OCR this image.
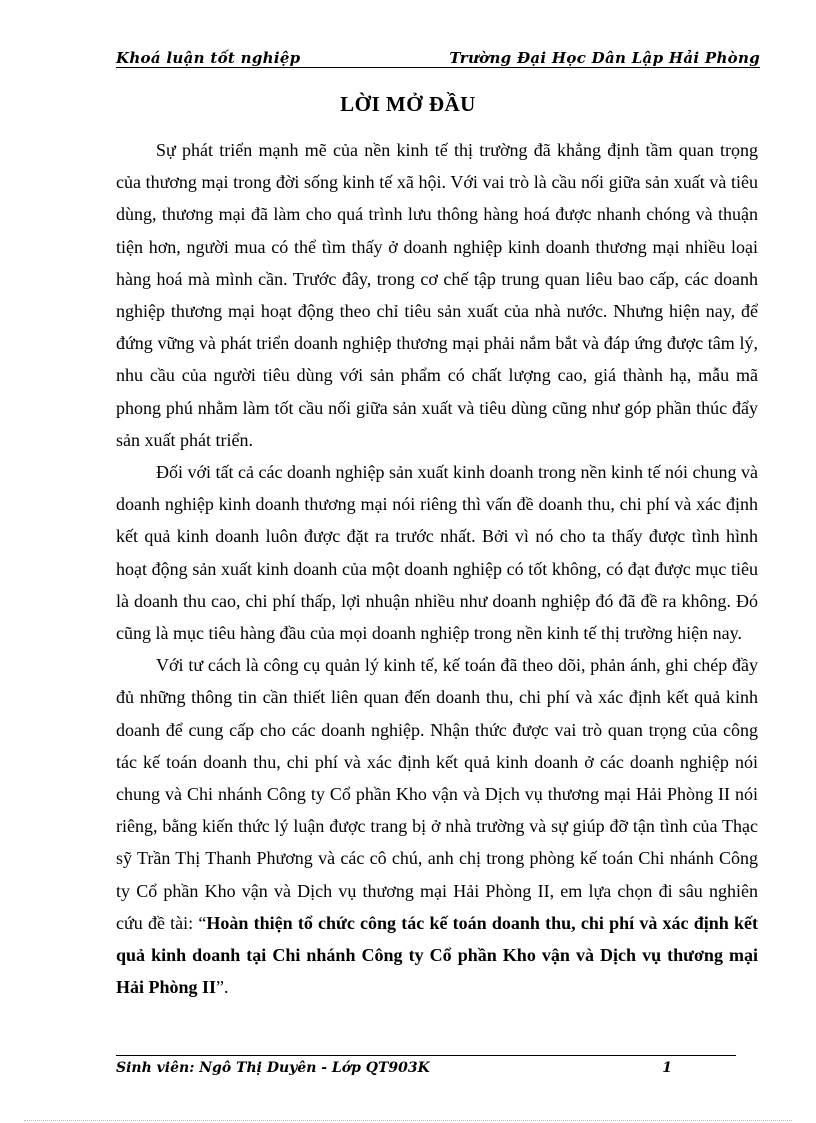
Khoá luận tốt nghiệp	Trường Đại Học Dân Lập Hải Phòng
LỜI MỞ ĐẦU

Sự phát triển mạnh mẽ của nền kinh tế thị trường đã khẳng định tầm quan trọng của thương mại trong đời sống kinh tế xã hội. Với vai trò là cầu nối giữa sản xuất và tiêu dùng, thương mại đã làm cho quá trình lưu thông hàng hoá được nhanh chóng và thuận tiện hơn, người mua có thể tìm thấy ở doanh nghiệp kinh doanh thương mại nhiều loại hàng hoá mà mình cần. Trước đây, trong cơ chế tập trung quan liêu bao cấp, các doanh nghiệp thương mại hoạt động theo chỉ tiêu sản xuất của nhà nước. Nhưng hiện nay, để đứng vững và phát triển doanh nghiệp thương mại phải nắm bắt và đáp ứng được tâm lý, nhu cầu của người tiêu dùng với sản phẩm có chất lượng cao, giá thành hạ, mẫu mã phong phú nhằm làm tốt cầu nối giữa sản xuất và tiêu dùng cũng như góp phần thúc đẩy sản xuất phát triển.

Đối với tất cả các doanh nghiệp sản xuất kinh doanh trong nền kinh tế nói chung và doanh nghiệp kinh doanh thương mại nói riêng thì vấn đề doanh thu, chi phí và xác định kết quả kinh doanh luôn được đặt ra trước nhất. Bởi vì nó cho ta thấy được tình hình hoạt động sản xuất kinh doanh của một doanh nghiệp có tốt không, có đạt được mục tiêu là doanh thu cao, chi phí thấp, lợi nhuận nhiều như doanh nghiệp đó đã đề ra không. Đó cũng là mục tiêu hàng đầu của mọi doanh nghiệp trong nền kinh tế thị trường hiện nay.

Với tư cách là công cụ quản lý kinh tế, kế toán đã theo dõi, phản ánh, ghi chép đầy đủ những thông tin cần thiết liên quan đến doanh thu, chi phí và xác định kết quả kinh doanh để cung cấp cho các doanh nghiệp. Nhận thức được vai trò quan trọng của công tác kế toán doanh thu, chi phí và xác định kết quả kinh doanh ở các doanh nghiệp nói chung và Chi nhánh Công ty Cổ phần Kho vận và Dịch vụ thương mại Hải Phòng II nói riêng, bằng kiến thức lý luận được trang bị ở nhà trường và sự giúp đỡ tận tình của Thạc sỹ Trần Thị Thanh Phương và các cô chú, anh chị trong phòng kế toán Chi nhánh Công ty Cổ phần Kho vận và Dịch vụ thương mại Hải Phòng II, em lựa chọn đi sâu nghiên cứu đề tài: “Hoàn thiện tổ chức công tác kế toán doanh thu, chi phí và xác định kết quả kinh doanh tại Chi nhánh Công ty Cổ phần Kho vận và Dịch vụ thương mại Hải Phòng II”.

Sinh viên: Ngô Thị Duyên - Lớp QT903K	1
